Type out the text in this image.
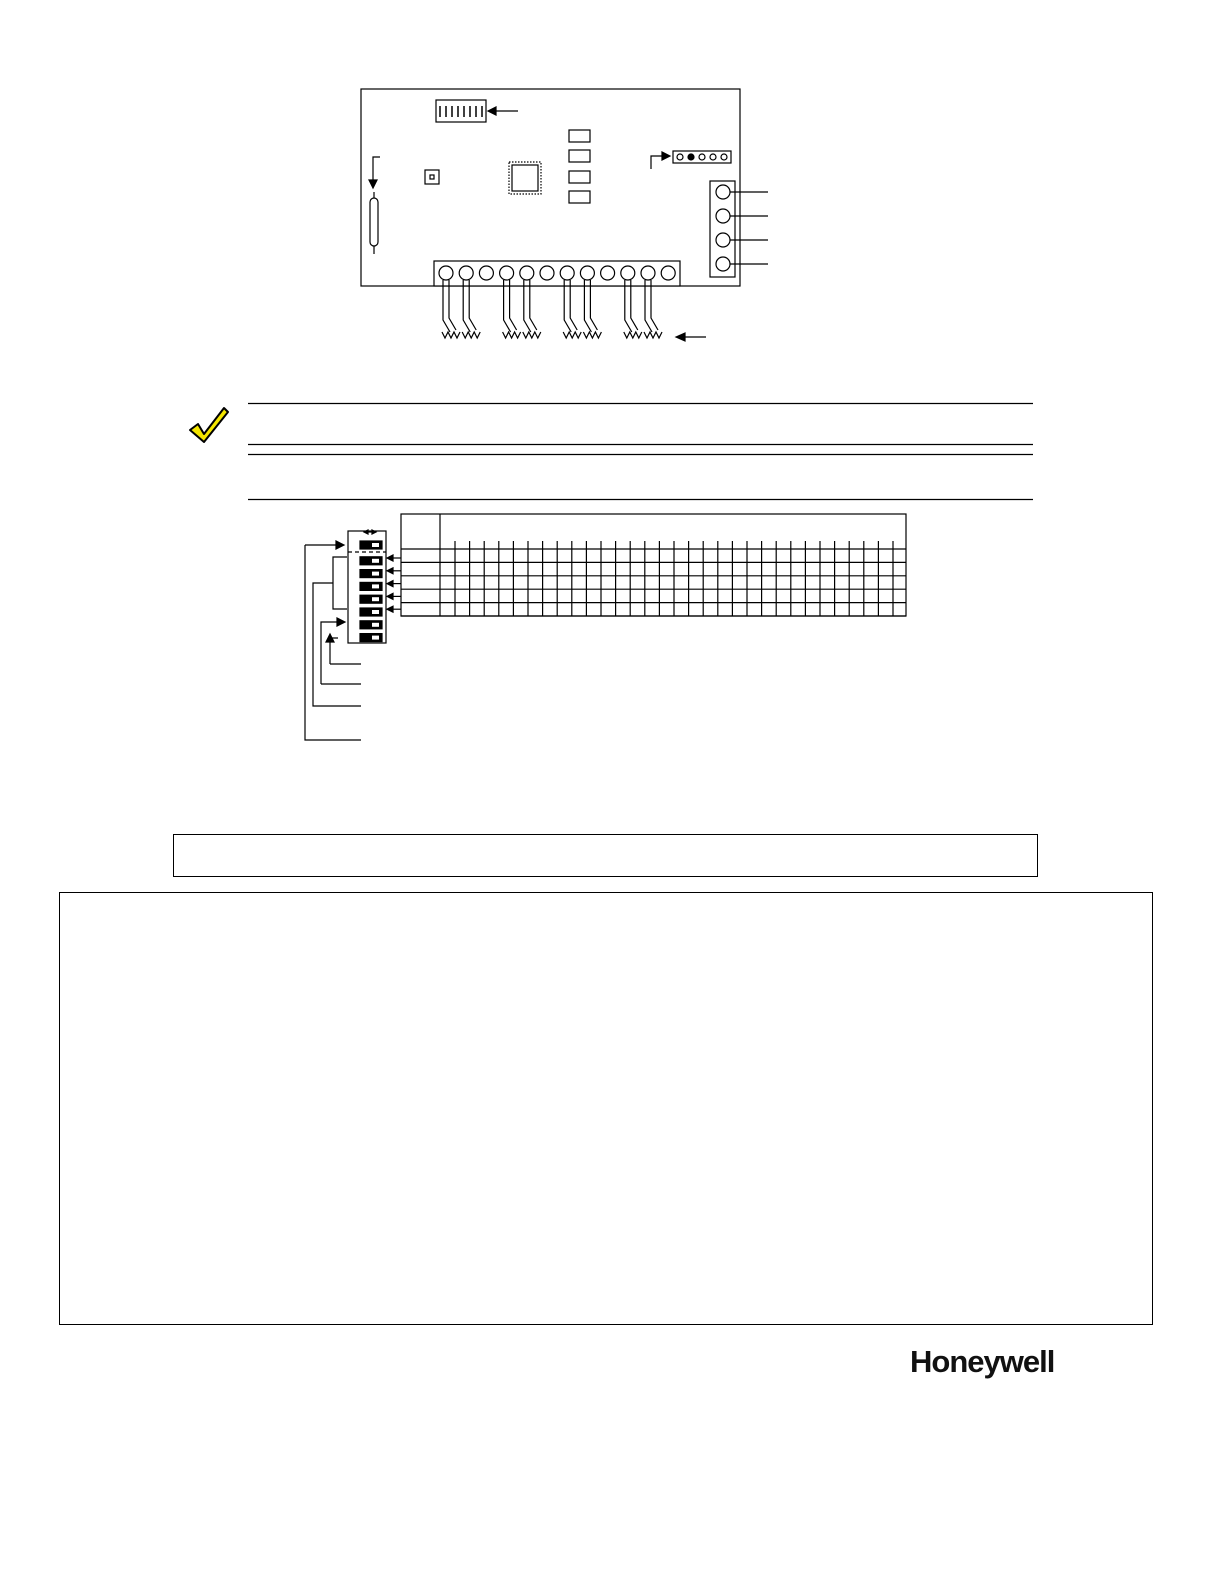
Honeywell
